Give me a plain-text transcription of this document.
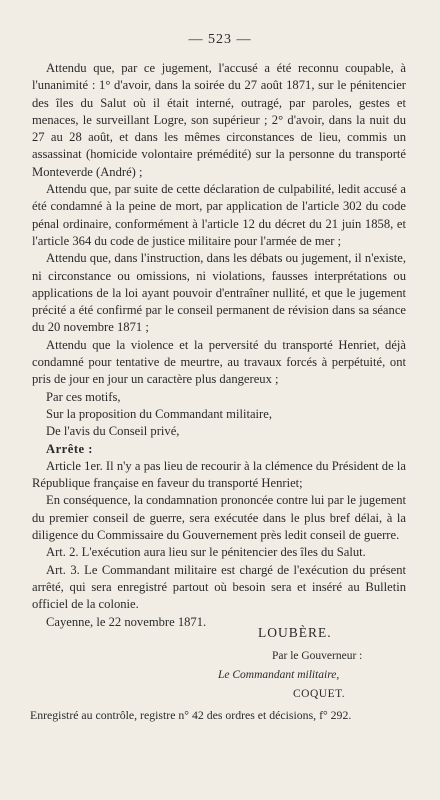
— 523 —

Attendu que, par ce jugement, l'accusé a été reconnu coupable, à l'unanimité : 1° d'avoir, dans la soirée du 27 août 1871, sur le pénitencier des îles du Salut où il était interné, outragé, par paroles, gestes et menaces, le surveillant Logre, son supérieur ; 2° d'avoir, dans la nuit du 27 au 28 août, et dans les mêmes circonstances de lieu, commis un assassinat (homicide volontaire prémédité) sur la personne du transporté Monteverde (André) ;

Attendu que, par suite de cette déclaration de culpabilité, ledit accusé a été condamné à la peine de mort, par application de l'article 302 du code pénal ordinaire, conformément à l'article 12 du décret du 21 juin 1858, et l'article 364 du code de justice militaire pour l'armée de mer ;

Attendu que, dans l'instruction, dans les débats ou jugement, il n'existe, ni circonstance ou omissions, ni violations, fausses interprétations ou applications de la loi ayant pouvoir d'entraîner nullité, et que le jugement précité a été confirmé par le conseil permanent de révision dans sa séance du 20 novembre 1871 ;

Attendu que la violence et la perversité du transporté Henriet, déjà condamné pour tentative de meurtre, au travaux forcés à perpétuité, ont pris de jour en jour un caractère plus dangereux ;

Par ces motifs,

Sur la proposition du Commandant militaire,

De l'avis du Conseil privé,

Arrête :

Article 1er. Il n'y a pas lieu de recourir à la clémence du Président de la République française en faveur du transporté Henriet;

En conséquence, la condamnation prononcée contre lui par le jugement du premier conseil de guerre, sera exécutée dans le plus bref délai, à la diligence du Commissaire du Gouvernement près ledit conseil de guerre.

Art. 2. L'exécution aura lieu sur le pénitencier des îles du Salut.

Art. 3. Le Commandant militaire est chargé de l'exécution du présent arrêté, qui sera enregistré partout où besoin sera et inséré au Bulletin officiel de la colonie.

Cayenne, le 22 novembre 1871.

LOUBÈRE.
Par le Gouverneur :
Le Commandant militaire,
COQUET.
Enregistré au contrôle, registre n° 42 des ordres et décisions, f° 292.
